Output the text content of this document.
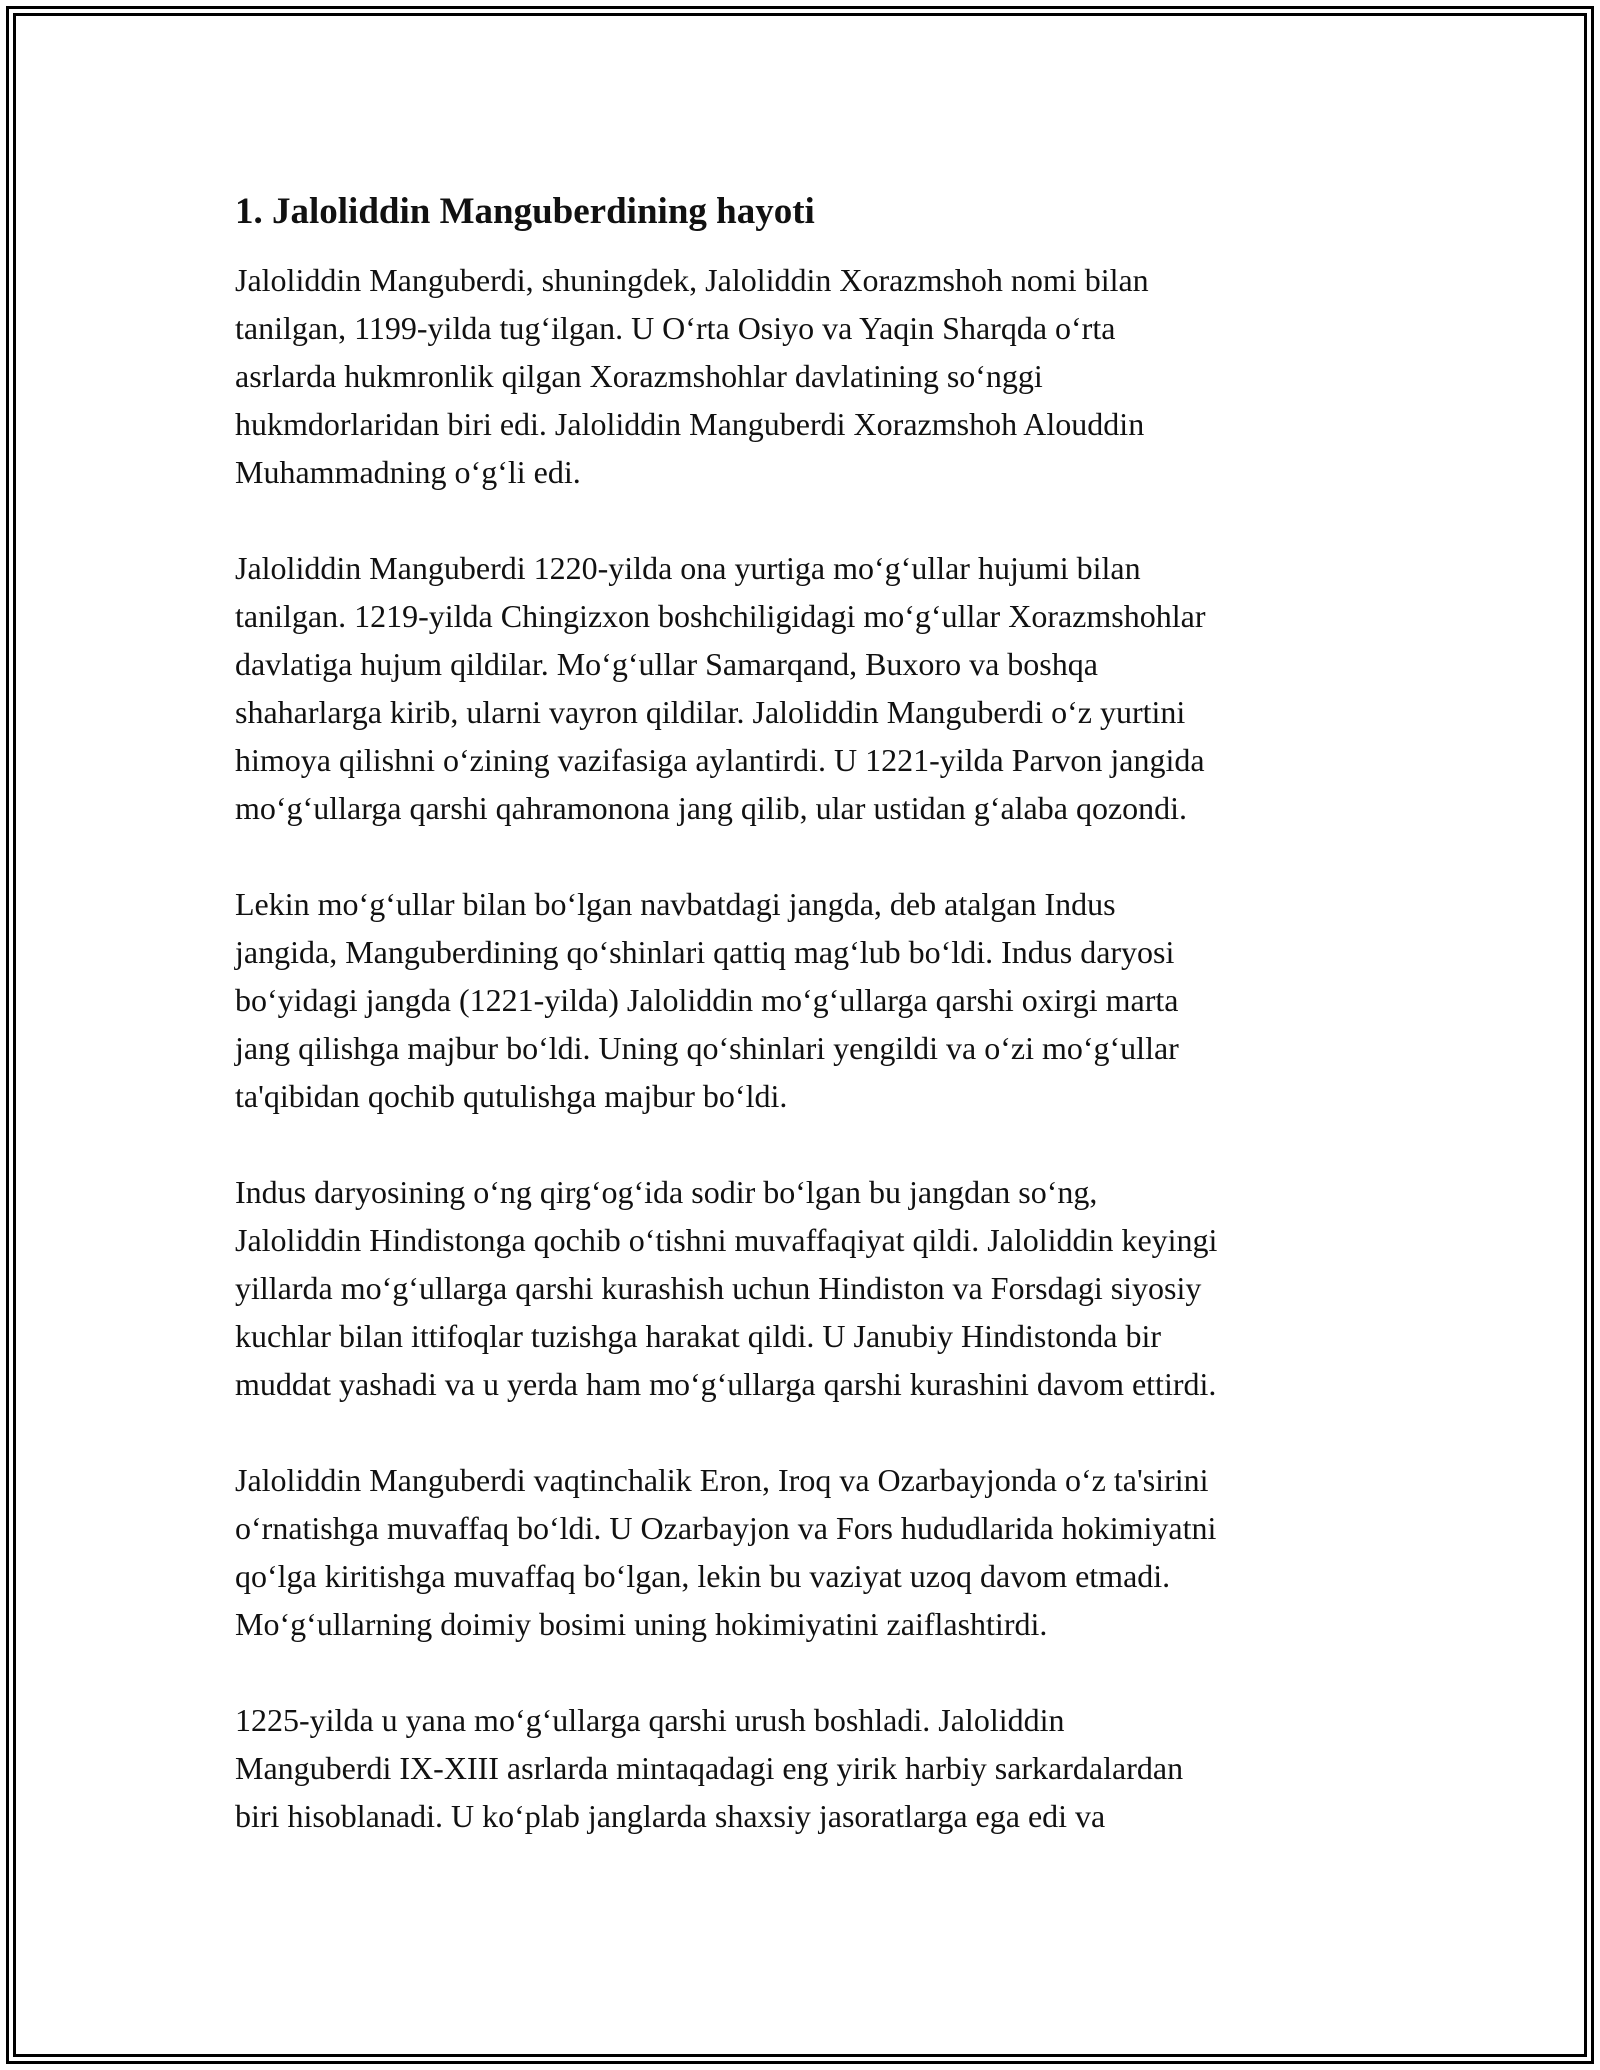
1. Jaloliddin Manguberdining hayoti
Jaloliddin Manguberdi, shuningdek, Jaloliddin Xorazmshoh nomi bilan
tanilgan, 1199-yilda tug‘ilgan. U O‘rta Osiyo va Yaqin Sharqda o‘rta
asrlarda hukmronlik qilgan Xorazmshohlar davlatining so‘nggi
hukmdorlaridan biri edi. Jaloliddin Manguberdi Xorazmshoh Alouddin
Muhammadning o‘g‘li edi.
Jaloliddin Manguberdi 1220-yilda ona yurtiga mo‘g‘ullar hujumi bilan
tanilgan. 1219-yilda Chingizxon boshchiligidagi mo‘g‘ullar Xorazmshohlar
davlatiga hujum qildilar. Mo‘g‘ullar Samarqand, Buxoro va boshqa
shaharlarga kirib, ularni vayron qildilar. Jaloliddin Manguberdi o‘z yurtini
himoya qilishni o‘zining vazifasiga aylantirdi. U 1221-yilda Parvon jangida
mo‘g‘ullarga qarshi qahramonona jang qilib, ular ustidan g‘alaba qozondi.
Lekin mo‘g‘ullar bilan bo‘lgan navbatdagi jangda, deb atalgan Indus
jangida, Manguberdining qo‘shinlari qattiq mag‘lub bo‘ldi. Indus daryosi
bo‘yidagi jangda (1221-yilda) Jaloliddin mo‘g‘ullarga qarshi oxirgi marta
jang qilishga majbur bo‘ldi. Uning qo‘shinlari yengildi va o‘zi mo‘g‘ullar
ta'qibidan qochib qutulishga majbur bo‘ldi.
Indus daryosining o‘ng qirg‘og‘ida sodir bo‘lgan bu jangdan so‘ng,
Jaloliddin Hindistonga qochib o‘tishni muvaffaqiyat qildi. Jaloliddin keyingi
yillarda mo‘g‘ullarga qarshi kurashish uchun Hindiston va Forsdagi siyosiy
kuchlar bilan ittifoqlar tuzishga harakat qildi. U Janubiy Hindistonda bir
muddat yashadi va u yerda ham mo‘g‘ullarga qarshi kurashini davom ettirdi.
Jaloliddin Manguberdi vaqtinchalik Eron, Iroq va Ozarbayjonda o‘z ta'sirini
o‘rnatishga muvaffaq bo‘ldi. U Ozarbayjon va Fors hududlarida hokimiyatni
qo‘lga kiritishga muvaffaq bo‘lgan, lekin bu vaziyat uzoq davom etmadi.
Mo‘g‘ullarning doimiy bosimi uning hokimiyatini zaiflashtirdi.
1225-yilda u yana mo‘g‘ullarga qarshi urush boshladi. Jaloliddin
Manguberdi IX-XIII asrlarda mintaqadagi eng yirik harbiy sarkardalardan
biri hisoblanadi. U ko‘plab janglarda shaxsiy jasoratlarga ega edi va
